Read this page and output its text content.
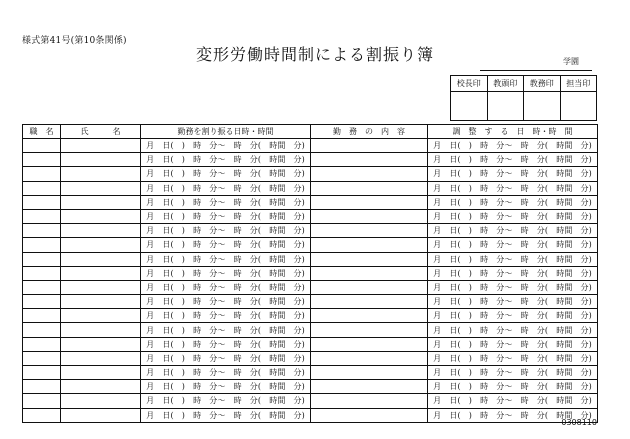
様式第41号(第10条関係)
変形労働時間制による割振り簿	学園
校長印	教頭印	教務印	担当印

職　名	氏　　　名	勤務を割り振る日時・時間	勤　務　の　内　容	調　整　す　る　日　時・時　間
		月　日(　)　時　分～　時　分(　時間　分)		月　日(　)　時　分～　時　分(　時間　分)
		月　日(　)　時　分～　時　分(　時間　分)		月　日(　)　時　分～　時　分(　時間　分)
		月　日(　)　時　分～　時　分(　時間　分)		月　日(　)　時　分～　時　分(　時間　分)
		月　日(　)　時　分～　時　分(　時間　分)		月　日(　)　時　分～　時　分(　時間　分)
		月　日(　)　時　分～　時　分(　時間　分)		月　日(　)　時　分～　時　分(　時間　分)
		月　日(　)　時　分～　時　分(　時間　分)		月　日(　)　時　分～　時　分(　時間　分)
		月　日(　)　時　分～　時　分(　時間　分)		月　日(　)　時　分～　時　分(　時間　分)
		月　日(　)　時　分～　時　分(　時間　分)		月　日(　)　時　分～　時　分(　時間　分)
		月　日(　)　時　分～　時　分(　時間　分)		月　日(　)　時　分～　時　分(　時間　分)
		月　日(　)　時　分～　時　分(　時間　分)		月　日(　)　時　分～　時　分(　時間　分)
		月　日(　)　時　分～　時　分(　時間　分)		月　日(　)　時　分～　時　分(　時間　分)
		月　日(　)　時　分～　時　分(　時間　分)		月　日(　)　時　分～　時　分(　時間　分)
		月　日(　)　時　分～　時　分(　時間　分)		月　日(　)　時　分～　時　分(　時間　分)
		月　日(　)　時　分～　時　分(　時間　分)		月　日(　)　時　分～　時　分(　時間　分)
		月　日(　)　時　分～　時　分(　時間　分)		月　日(　)　時　分～　時　分(　時間　分)
		月　日(　)　時　分～　時　分(　時間　分)		月　日(　)　時　分～　時　分(　時間　分)
		月　日(　)　時　分～　時　分(　時間　分)		月　日(　)　時　分～　時　分(　時間　分)
		月　日(　)　時　分～　時　分(　時間　分)		月　日(　)　時　分～　時　分(　時間　分)
		月　日(　)　時　分～　時　分(　時間　分)		月　日(　)　時　分～　時　分(　時間　分)
		月　日(　)　時　分～　時　分(　時間　分)		月　日(　)　時　分～　時　分(　時間　分)
0308110
